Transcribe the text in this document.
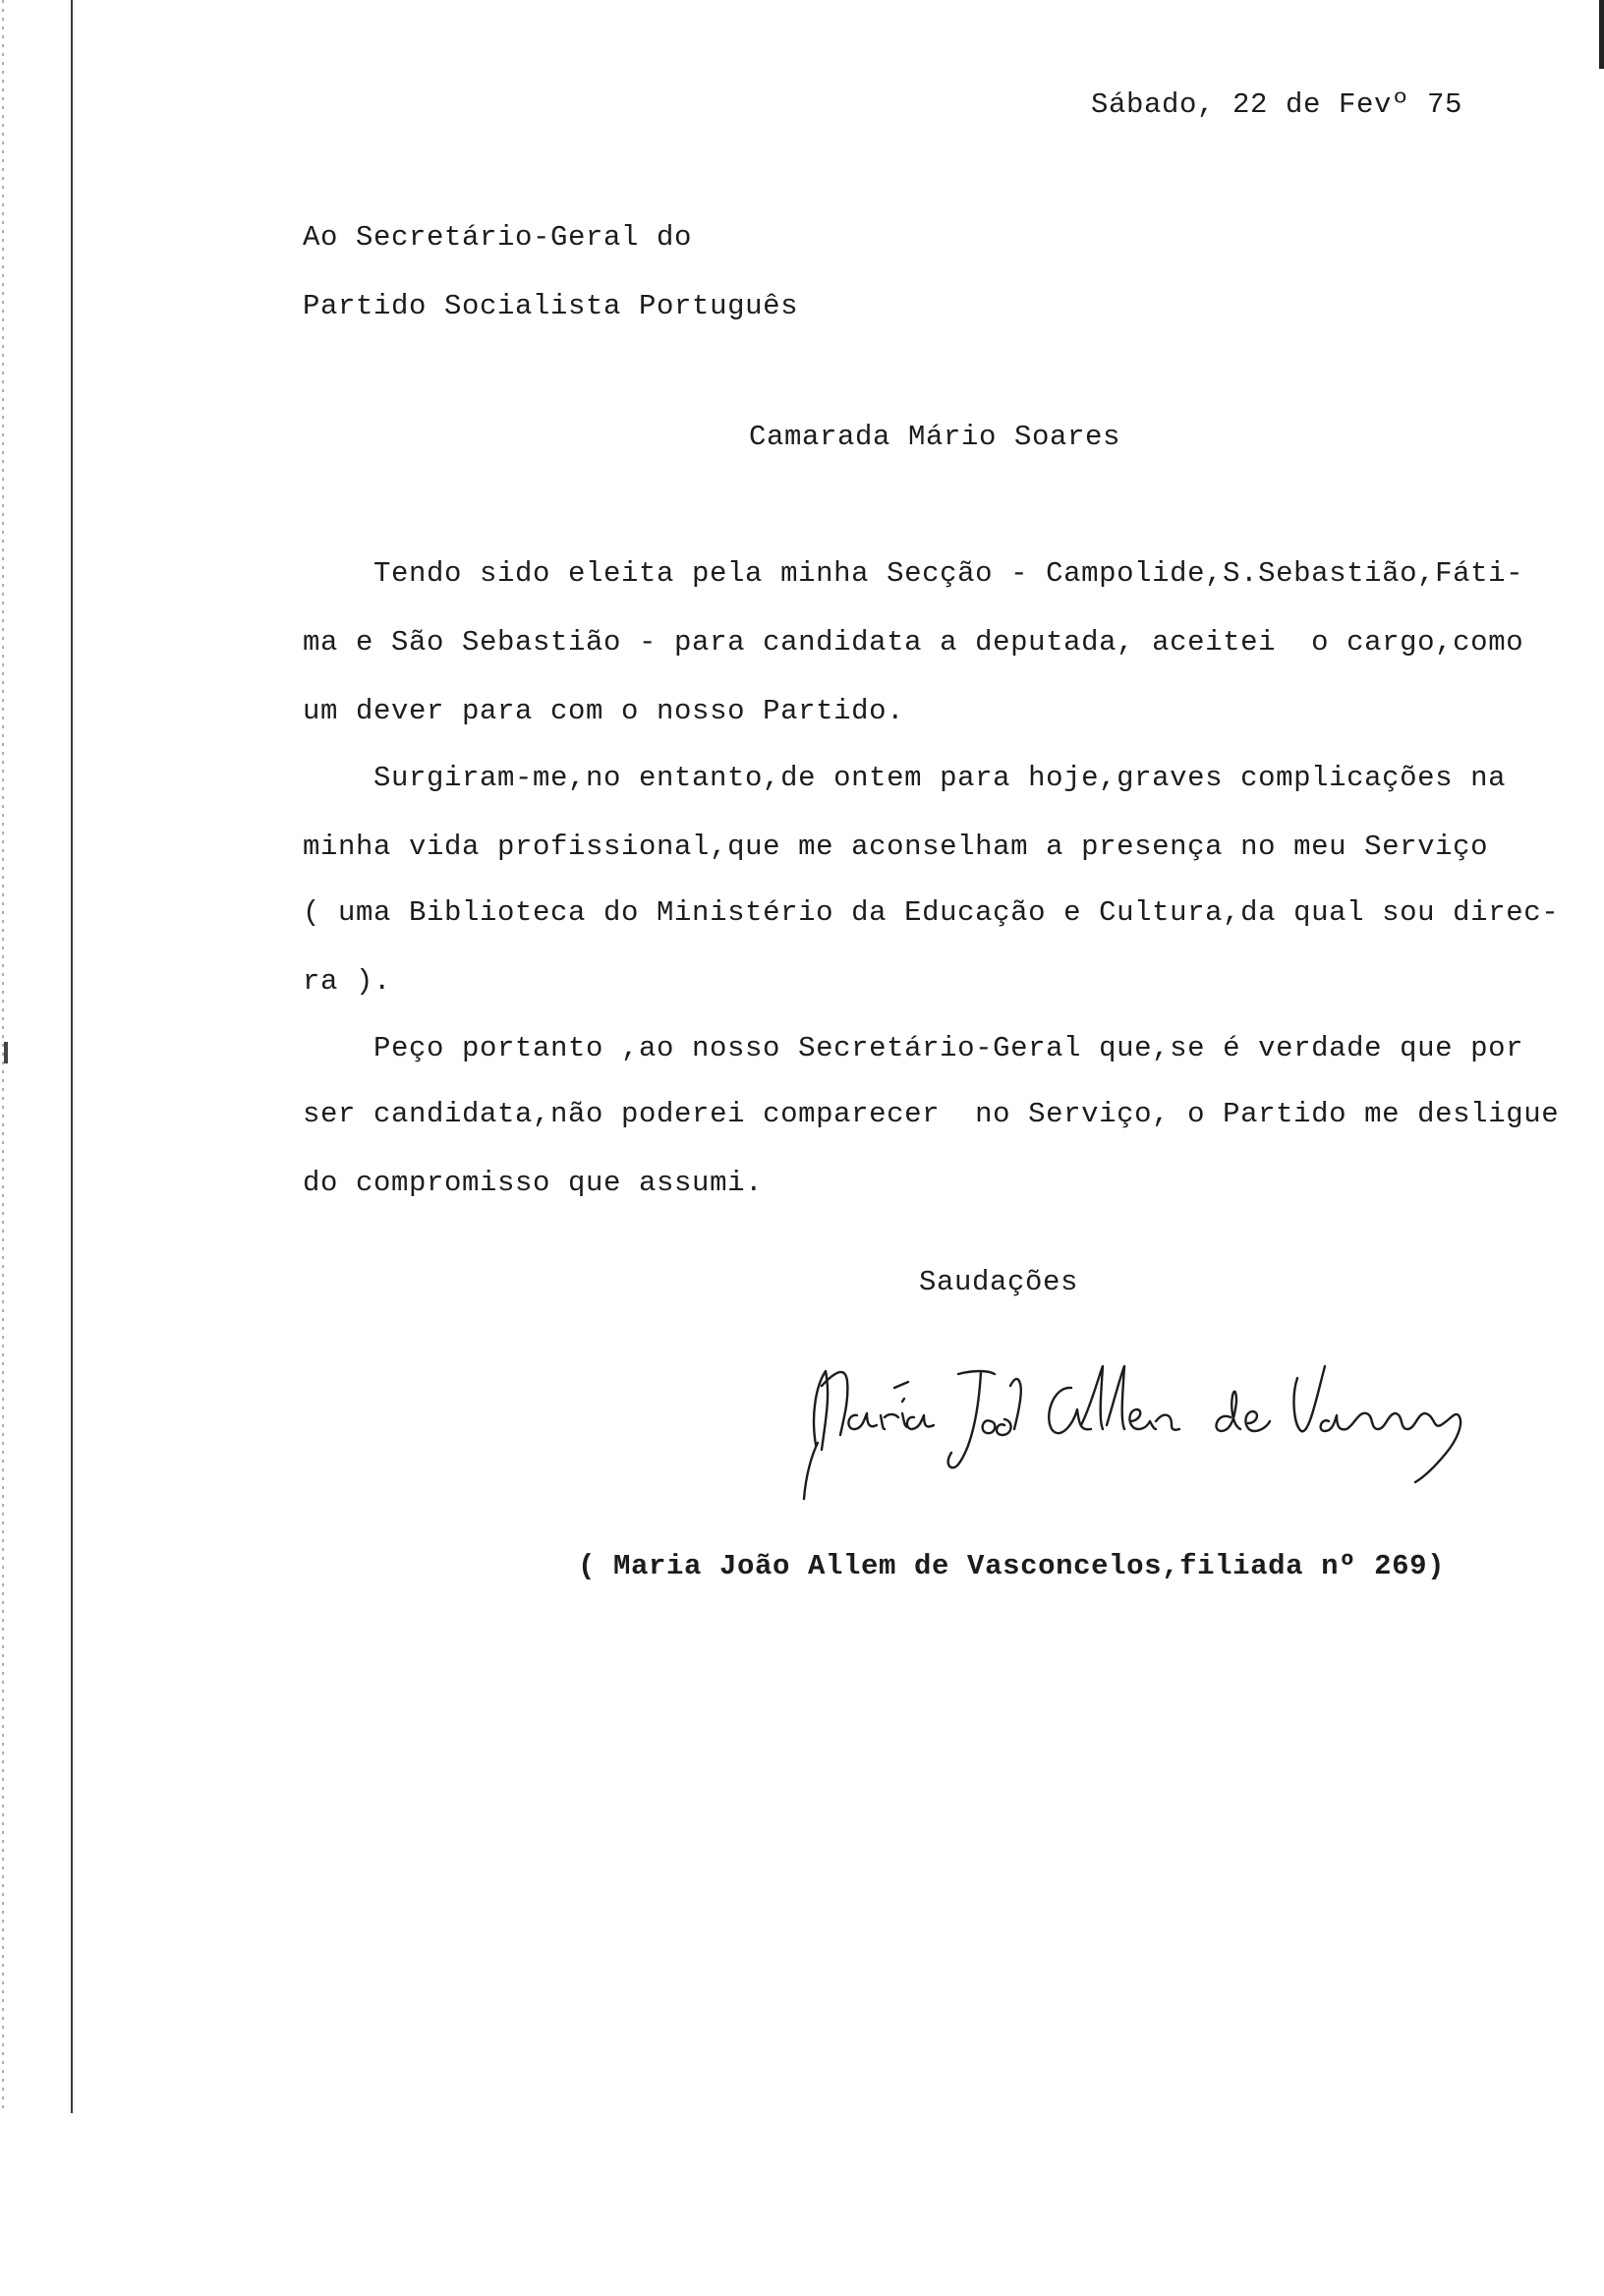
Sábado, 22 de Fevº 75
Ao Secretário-Geral do
Partido Socialista Português
Camarada Mário Soares
Tendo sido eleita pela minha Secção - Campolide,S.Sebastião,Fáti-
ma e São Sebastião - para candidata a deputada, aceitei  o cargo,como
um dever para com o nosso Partido.
Surgiram-me,no entanto,de ontem para hoje,graves complicações na
minha vida profissional,que me aconselham a presença no meu Serviço
( uma Biblioteca do Ministério da Educação e Cultura,da qual sou direc-
ra ).
Peço portanto ,ao nosso Secretário-Geral que,se é verdade que por
ser candidata,não poderei comparecer  no Serviço, o Partido me desligue
do compromisso que assumi.
Saudações
( Maria João Allem de Vasconcelos,filiada nº 269)
